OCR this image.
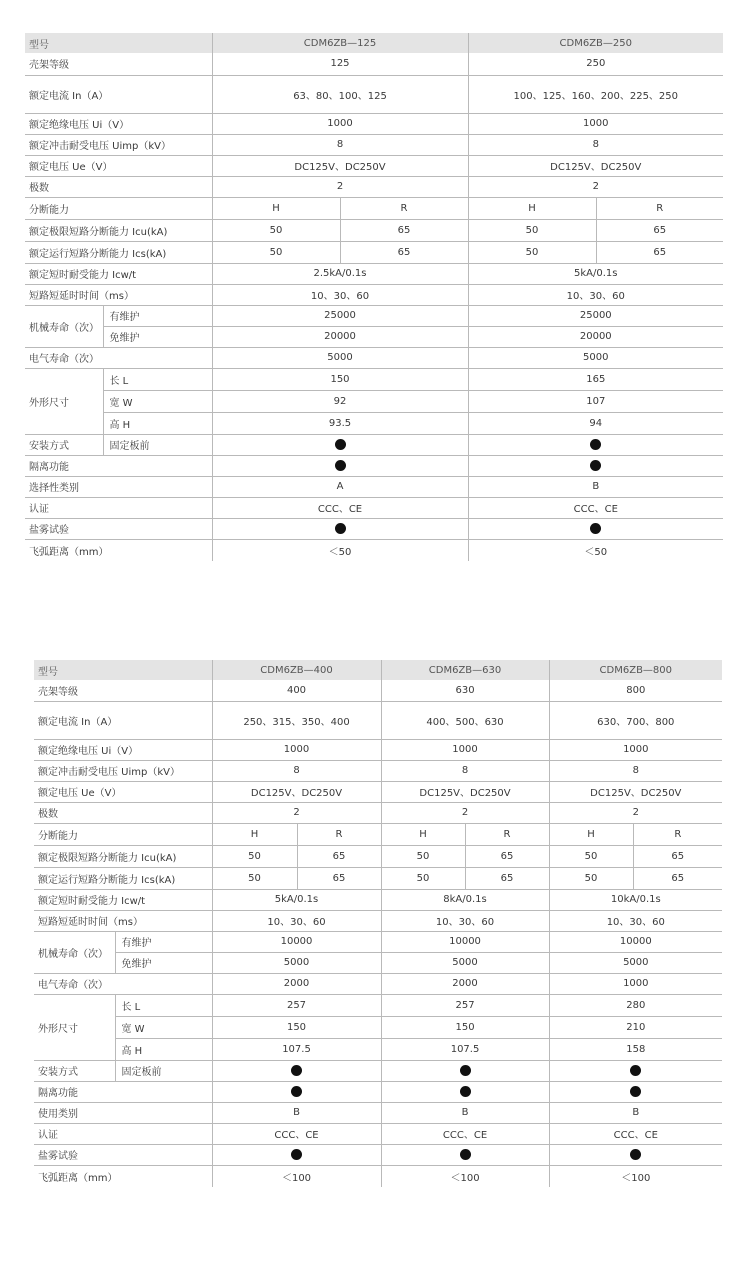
型号		CDM6ZB—125		CDM6ZB—250	
壳架等级		125		250	
额定电流 In（A）		63、80、100、125		100、125、160、200、225、250	
额定绝缘电压 Ui（V）		1000		1000	
额定冲击耐受电压 Uimp（kV）		8		8	
额定电压 Ue（V）		DC125V、DC250V		DC125V、DC250V	
极数		2		2	
分断能力		H	R	H	R
额定极限短路分断能力 Icu(kA)		50	65	50	65
额定运行短路分断能力 Ics(kA)		50	65	50	65
额定短时耐受能力 Icw/t		2.5kA/0.1s		5kA/0.1s	
短路短延时时间（ms）		10、30、60		10、30、60	
机械寿命（次）	有维护	25000		25000	
	免维护	20000		20000	
电气寿命（次）		5000		5000	
外形尺寸	长 L	150		165	
	宽 W	92		107	
	高 H	93.5		94	
安装方式	固定板前				
隔离功能					
选择性类别		A		B	
认证		CCC、CE		CCC、CE	
盐雾试验					
飞弧距离（mm）		＜50		＜50	
型号		CDM6ZB—400		CDM6ZB—630		CDM6ZB—800	
壳架等级		400		630		800	
额定电流 In（A）		250、315、350、400		400、500、630		630、700、800	
额定绝缘电压 Ui（V）		1000		1000		1000	
额定冲击耐受电压 Uimp（kV）		8		8		8	
额定电压 Ue（V）		DC125V、DC250V		DC125V、DC250V		DC125V、DC250V	
极数		2		2		2	
分断能力		H	R	H	R	H	R
额定极限短路分断能力 Icu(kA)		50	65	50	65	50	65
额定运行短路分断能力 Ics(kA)		50	65	50	65	50	65
额定短时耐受能力 Icw/t		5kA/0.1s		8kA/0.1s		10kA/0.1s	
短路短延时时间（ms）		10、30、60		10、30、60		10、30、60	
机械寿命（次）	有维护	10000		10000		10000	
	免维护	5000		5000		5000	
电气寿命（次）		2000		2000		1000	
外形尺寸	长 L	257		257		280	
	宽 W	150		150		210	
	高 H	107.5		107.5		158	
安装方式	固定板前						
隔离功能							
使用类别		B		B		B	
认证		CCC、CE		CCC、CE		CCC、CE	
盐雾试验							
飞弧距离（mm）		＜100		＜100		＜100	
